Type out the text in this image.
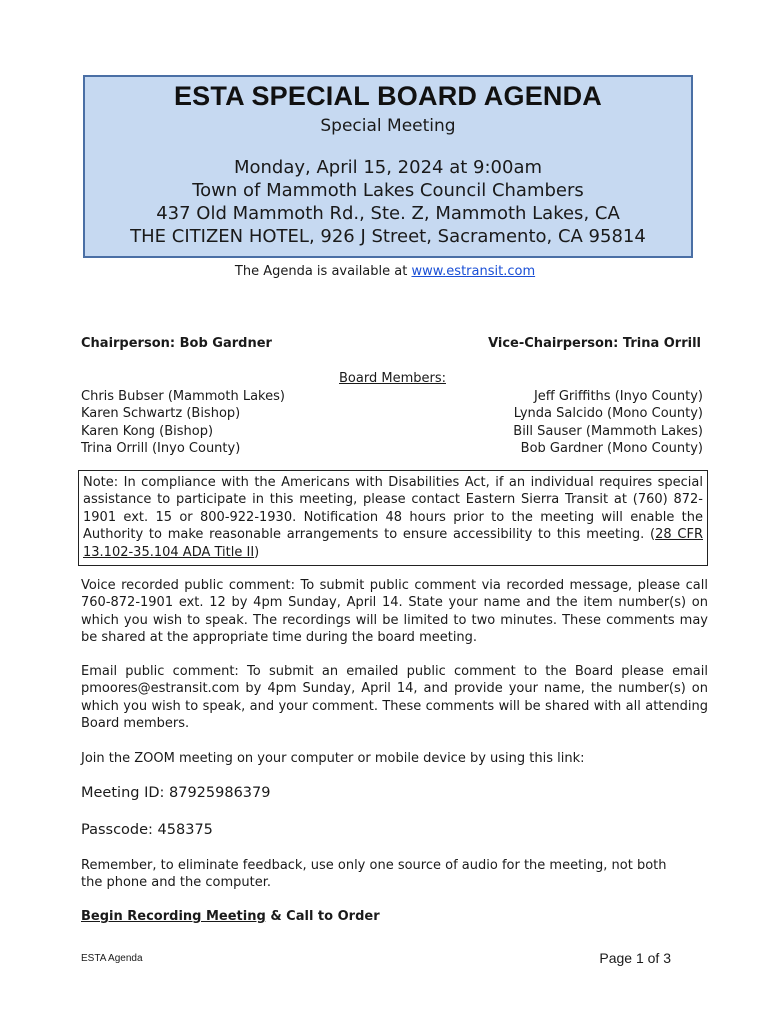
ESTA SPECIAL BOARD AGENDA
Special Meeting
Monday, April 15, 2024 at 9:00am
Town of Mammoth Lakes Council Chambers
437 Old Mammoth Rd., Ste. Z, Mammoth Lakes, CA
THE CITIZEN HOTEL, 926 J Street, Sacramento, CA 95814
The Agenda is available at www.estransit.com
Chairperson: Bob Gardner	Vice-Chairperson: Trina Orrill
Board Members:
Chris Bubser (Mammoth Lakes)
Karen Schwartz (Bishop)
Karen Kong (Bishop)
Trina Orrill (Inyo County)
Jeff Griffiths (Inyo County)
Lynda Salcido (Mono County)
Bill Sauser (Mammoth Lakes)
Bob Gardner (Mono County)
Note: In compliance with the Americans with Disabilities Act, if an individual requires special assistance to participate in this meeting, please contact Eastern Sierra Transit at (760) 872-1901 ext. 15 or 800-922-1930. Notification 48 hours prior to the meeting will enable the Authority to make reasonable arrangements to ensure accessibility to this meeting. (28 CFR 13.102-35.104 ADA Title II)
Voice recorded public comment: To submit public comment via recorded message, please call 760-872-1901 ext. 12 by 4pm Sunday, April 14. State your name and the item number(s) on which you wish to speak. The recordings will be limited to two minutes. These comments may be shared at the appropriate time during the board meeting.
Email public comment: To submit an emailed public comment to the Board please email pmoores@estransit.com by 4pm Sunday, April 14, and provide your name, the number(s) on which you wish to speak, and your comment. These comments will be shared with all attending Board members.
Join the ZOOM meeting on your computer or mobile device by using this link:
Meeting ID: 87925986379
Passcode: 458375
Remember, to eliminate feedback, use only one source of audio for the meeting, not both the phone and the computer.
Begin Recording Meeting & Call to Order
ESTA Agenda	Page 1 of 3
